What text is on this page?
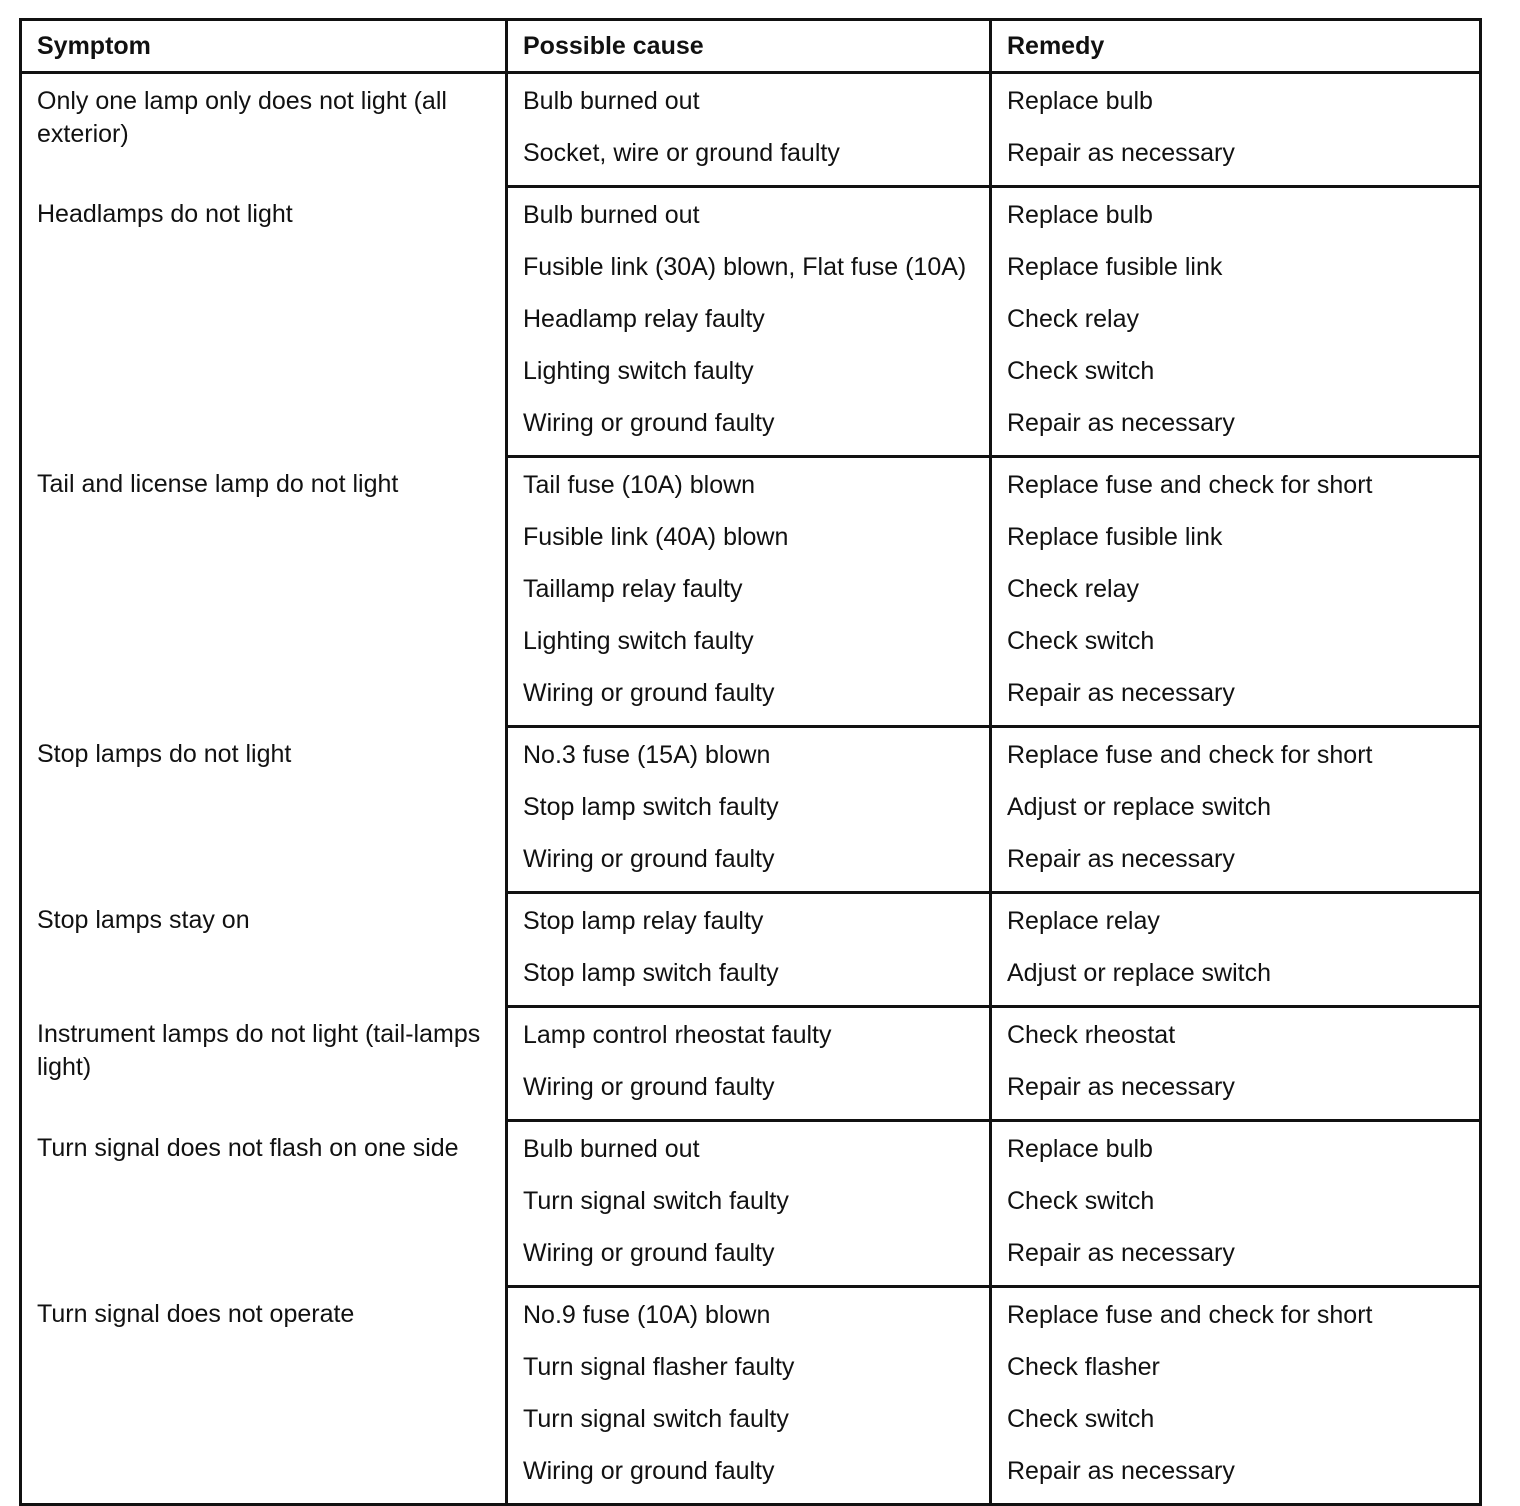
Symptom	Possible cause	Remedy
Only one lamp only does not light (all exterior)	Bulb burned out	Replace bulb
	Socket, wire or ground faulty	Repair as necessary
Headlamps do not light	Bulb burned out	Replace bulb
	Fusible link (30A) blown, Flat fuse (10A)	Replace fusible link
	Headlamp relay faulty	Check relay
	Lighting switch faulty	Check switch
	Wiring or ground faulty	Repair as necessary
Tail and license lamp do not light	Tail fuse (10A) blown	Replace fuse and check for short
	Fusible link (40A) blown	Replace fusible link
	Taillamp relay faulty	Check relay
	Lighting switch faulty	Check switch
	Wiring or ground faulty	Repair as necessary
Stop lamps do not light	No.3 fuse (15A) blown	Replace fuse and check for short
	Stop lamp switch faulty	Adjust or replace switch
	Wiring or ground faulty	Repair as necessary
Stop lamps stay on	Stop lamp relay faulty	Replace relay
	Stop lamp switch faulty	Adjust or replace switch
Instrument lamps do not light (tail-lamps light)	Lamp control rheostat faulty	Check rheostat
	Wiring or ground faulty	Repair as necessary
Turn signal does not flash on one side	Bulb burned out	Replace bulb
	Turn signal switch faulty	Check switch
	Wiring or ground faulty	Repair as necessary
Turn signal does not operate	No.9 fuse (10A) blown	Replace fuse and check for short
	Turn signal flasher faulty	Check flasher
	Turn signal switch faulty	Check switch
	Wiring or ground faulty	Repair as necessary
